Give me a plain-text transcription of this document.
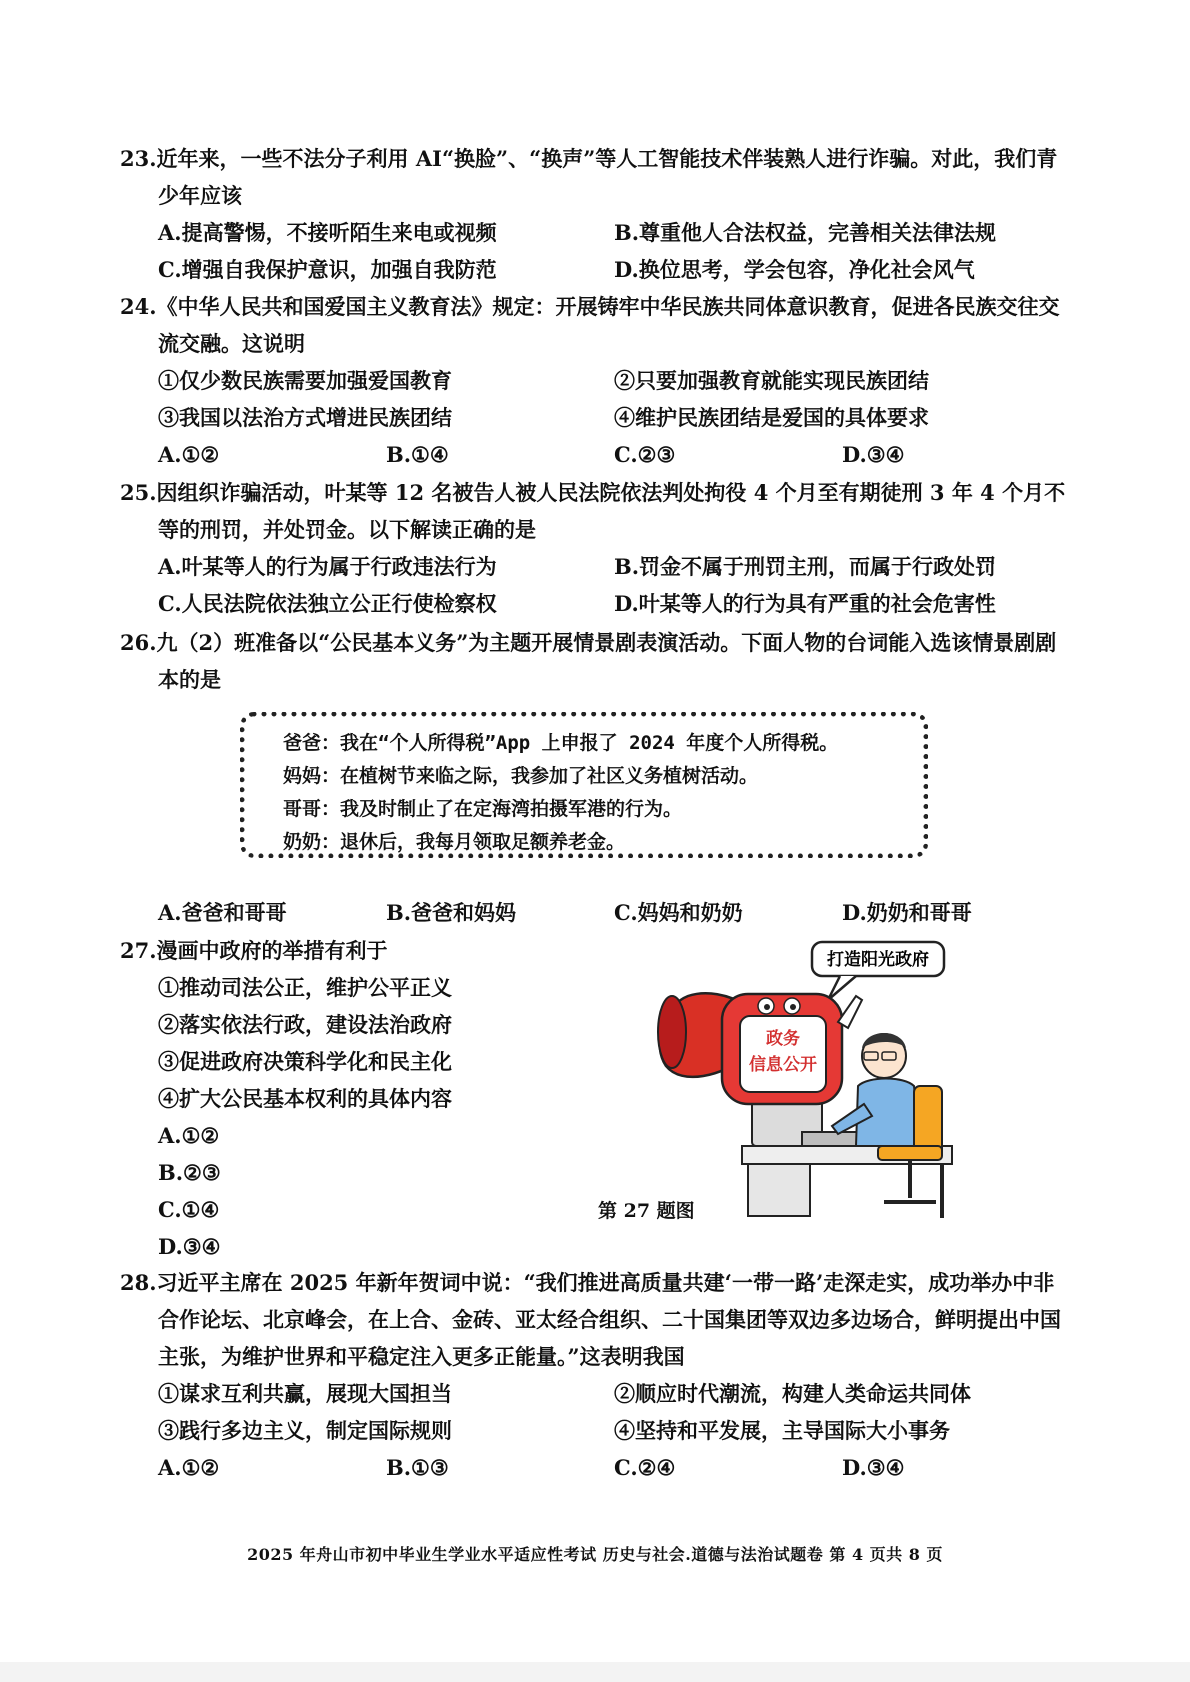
23.近年来，一些不法分子利用 AI“换脸”、“换声”等人工智能技术伴装熟人进行诈骗。对此，我们青少年应该
A.提高警惕，不接听陌生来电或视频	B.尊重他人合法权益，完善相关法律法规
C.增强自我保护意识，加强自我防范	D.换位思考，学会包容，净化社会风气
24.《中华人民共和国爱国主义教育法》规定：开展铸牢中华民族共同体意识教育，促进各民族交往交流交融。这说明
①仅少数民族需要加强爱国教育	②只要加强教育就能实现民族团结
③我国以法治方式增进民族团结	④维护民族团结是爱国的具体要求
A.①②	B.①④	C.②③	D.③④
25.因组织诈骗活动，叶某等 12 名被告人被人民法院依法判处拘役 4 个月至有期徒刑 3 年 4 个月不等的刑罚，并处罚金。以下解读正确的是
A.叶某等人的行为属于行政违法行为	B.罚金不属于刑罚主刑，而属于行政处罚
C.人民法院依法独立公正行使检察权	D.叶某等人的行为具有严重的社会危害性
26.九（2）班准备以“公民基本义务”为主题开展情景剧表演活动。下面人物的台词能入选该情景剧剧本的是
爸爸：我在“个人所得税”App 上申报了 2024 年度个人所得税。
妈妈：在植树节来临之际，我参加了社区义务植树活动。
哥哥：我及时制止了在定海湾拍摄军港的行为。
奶奶：退休后，我每月领取足额养老金。
A.爸爸和哥哥	B.爸爸和妈妈	C.妈妈和奶奶	D.奶奶和哥哥
27.漫画中政府的举措有利于
①推动司法公正，维护公平正义
②落实依法行政，建设法治政府
③促进政府决策科学化和民主化
④扩大公民基本权利的具体内容
A.①②
B.②③
C.①④
D.③④
打造阳光政府
政务
信息公开
第 27 题图
28.习近平主席在 2025 年新年贺词中说：“我们推进高质量共建‘一带一路’走深走实，成功举办中非合作论坛、北京峰会，在上合、金砖、亚太经合组织、二十国集团等双边多边场合，鲜明提出中国主张，为维护世界和平稳定注入更多正能量。”这表明我国
①谋求互利共赢，展现大国担当	②顺应时代潮流，构建人类命运共同体
③践行多边主义，制定国际规则	④坚持和平发展，主导国际大小事务
A.①②	B.①③	C.②④	D.③④
2025 年舟山市初中毕业生学业水平适应性考试 历史与社会.道德与法治试题卷 第 4 页共 8 页
